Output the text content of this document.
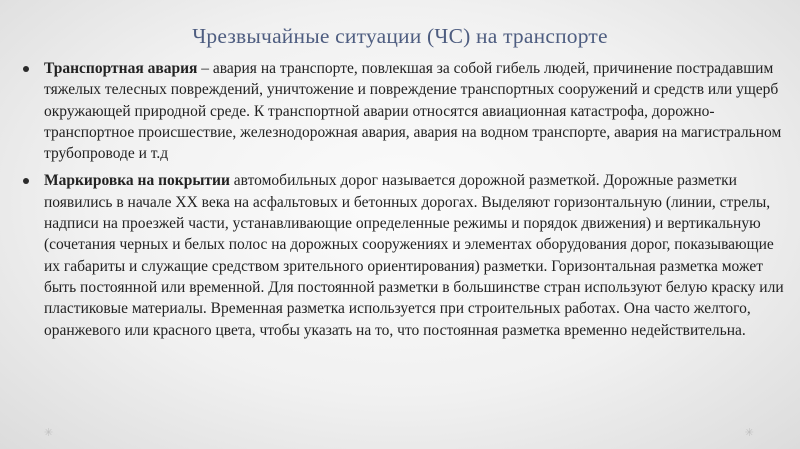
Чрезвычайные ситуации (ЧС) на транспорте
Транспортная авария – авария на транспорте, повлекшая за собой гибель людей, причинение пострадавшим тяжелых телесных повреждений, уничтожение и повреждение транспортных сооружений и средств или ущерб окружающей природной среде. К транспортной аварии относятся авиационная катастрофа, дорожно-транспортное происшествие, железнодорожная авария, авария на водном транспорте, авария на магистральном трубопроводе и т.д
Маркировка на покрытии автомобильных дорог называется дорожной разметкой. Дорожные разметки появились в начале XX века на асфальтовых и бетонных дорогах. Выделяют горизонтальную (линии, стрелы, надписи на проезжей части, устанавливающие определенные режимы и порядок движения) и вертикальную (сочетания черных и белых полос на дорожных сооружениях и элементах оборудования дорог, показывающие их габариты и служащие средством зрительного ориентирования) разметки. Горизонтальная разметка может быть постоянной или временной. Для постоянной разметки в большинстве стран используют белую краску или пластиковые материалы. Временная разметка используется при строительных работах. Она часто желтого, оранжевого или красного цвета, чтобы указать на то, что постоянная разметка временно недействительна.
✳	✳
